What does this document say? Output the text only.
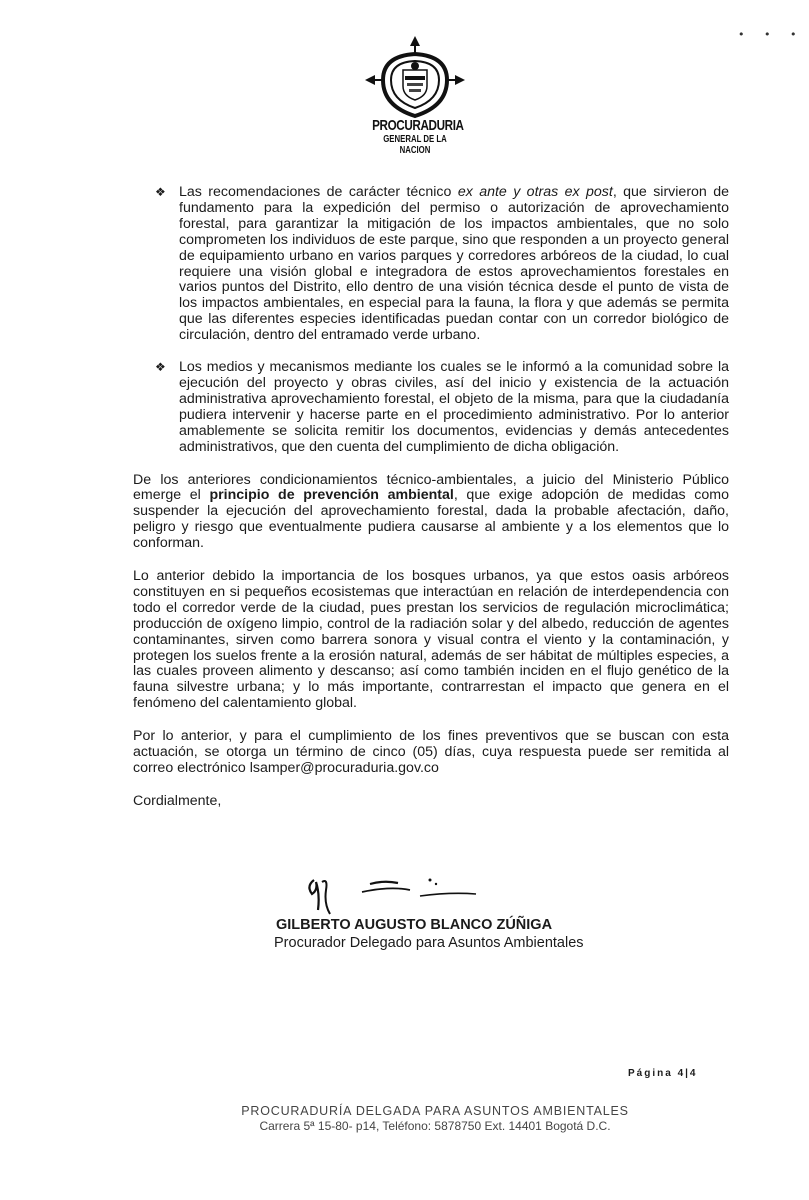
• • •
PROCURADURIA
GENERAL DE LA NACION

❖ Las recomendaciones de carácter técnico ex ante y otras ex post, que sirvieron de fundamento para la expedición del permiso o autorización de aprovechamiento forestal, para garantizar la mitigación de los impactos ambientales, que no solo comprometen los individuos de este parque, sino que responden a un proyecto general de equipamiento urbano en varios parques y corredores arbóreos de la ciudad, lo cual requiere una visión global e integradora de estos aprovechamientos forestales en varios puntos del Distrito, ello dentro de una visión técnica desde el punto de vista de los impactos ambientales, en especial para la fauna, la flora y que además se permita que las diferentes especies identificadas puedan contar con un corredor biológico de circulación, dentro del entramado verde urbano.

❖ Los medios y mecanismos mediante los cuales se le informó a la comunidad sobre la ejecución del proyecto y obras civiles, así del inicio y existencia de la actuación administrativa aprovechamiento forestal, el objeto de la misma, para que la ciudadanía pudiera intervenir y hacerse parte en el procedimiento administrativo. Por lo anterior amablemente se solicita remitir los documentos, evidencias y demás antecedentes administrativos, que den cuenta del cumplimiento de dicha obligación.

De los anteriores condicionamientos técnico-ambientales, a juicio del Ministerio Público emerge el principio de prevención ambiental, que exige adopción de medidas como suspender la ejecución del aprovechamiento forestal, dada la probable afectación, daño, peligro y riesgo que eventualmente pudiera causarse al ambiente y a los elementos que lo conforman.

Lo anterior debido la importancia de los bosques urbanos, ya que estos oasis arbóreos constituyen en si pequeños ecosistemas que interactúan en relación de interdependencia con todo el corredor verde de la ciudad, pues prestan los servicios de regulación microclimática; producción de oxígeno limpio, control de la radiación solar y del albedo, reducción de agentes contaminantes, sirven como barrera sonora y visual contra el viento y la contaminación, y protegen los suelos frente a la erosión natural, además de ser hábitat de múltiples especies, a las cuales proveen alimento y descanso; así como también inciden en el flujo genético de la fauna silvestre urbana; y lo más importante, contrarrestan el impacto que genera en el fenómeno del calentamiento global.

Por lo anterior, y para el cumplimiento de los fines preventivos que se buscan con esta actuación, se otorga un término de cinco (05) días, cuya respuesta puede ser remitida al correo electrónico lsamper@procuraduria.gov.co

Cordialmente,

GILBERTO AUGUSTO BLANCO ZÚÑIGA
Procurador Delegado para Asuntos Ambientales
Página 4|4
PROCURADURÍA DELGADA PARA ASUNTOS AMBIENTALES
Carrera 5ª 15-80- p14, Teléfono: 5878750 Ext. 14401 Bogotá D.C.
